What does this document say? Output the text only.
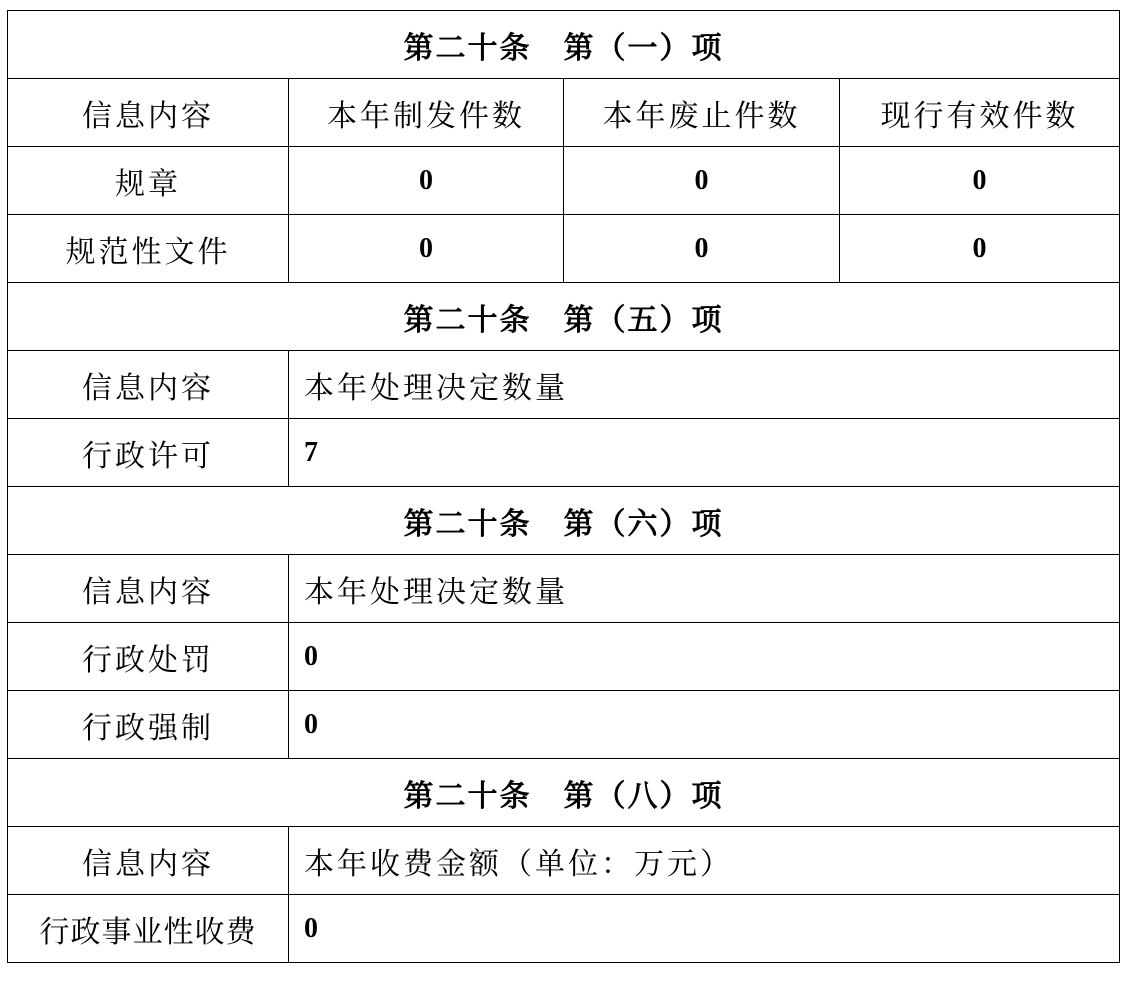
第二十条　第（一）项			
信息内容	本年制发件数	本年废止件数	现行有效件数
规章	0	0	0
规范性文件	0	0	0
第二十条　第（五）项			
信息内容	本年处理决定数量		
行政许可	7		
第二十条　第（六）项			
信息内容	本年处理决定数量		
行政处罚	0		
行政强制	0		
第二十条　第（八）项			
信息内容	本年收费金额（单位：万元）		
行政事业性收费	0		
